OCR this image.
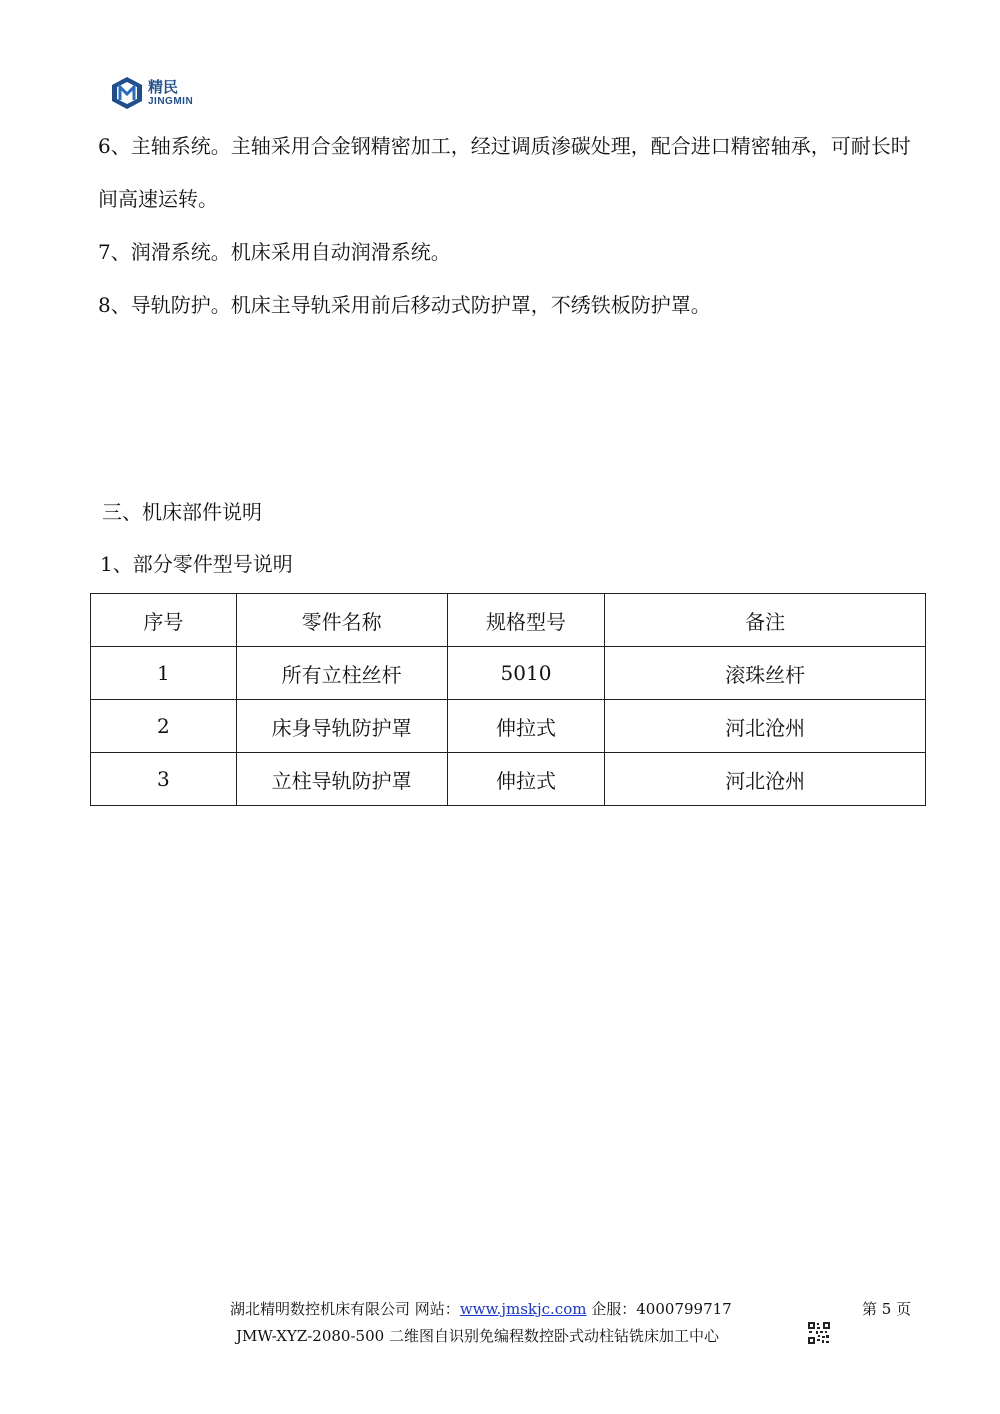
精民
JINGMIN

6、主轴系统。主轴采用合金钢精密加工，经过调质渗碳处理，配合进口精密轴承，可耐长时间高速运转。

7、润滑系统。机床采用自动润滑系统。

8、导轨防护。机床主导轨采用前后移动式防护罩，不绣铁板防护罩。

三、机床部件说明
1、部分零件型号说明
序号	零件名称	规格型号	备注
1	所有立柱丝杆	5010	滚珠丝杆
2	床身导轨防护罩	伸拉式	河北沧州
3	立柱导轨防护罩	伸拉式	河北沧州
湖北精明数控机床有限公司 网站：www.jmskjc.com 企服：4000799717	第 5 页
JMW-XYZ-2080-500 二维图自识别免编程数控卧式动柱钻铣床加工中心
